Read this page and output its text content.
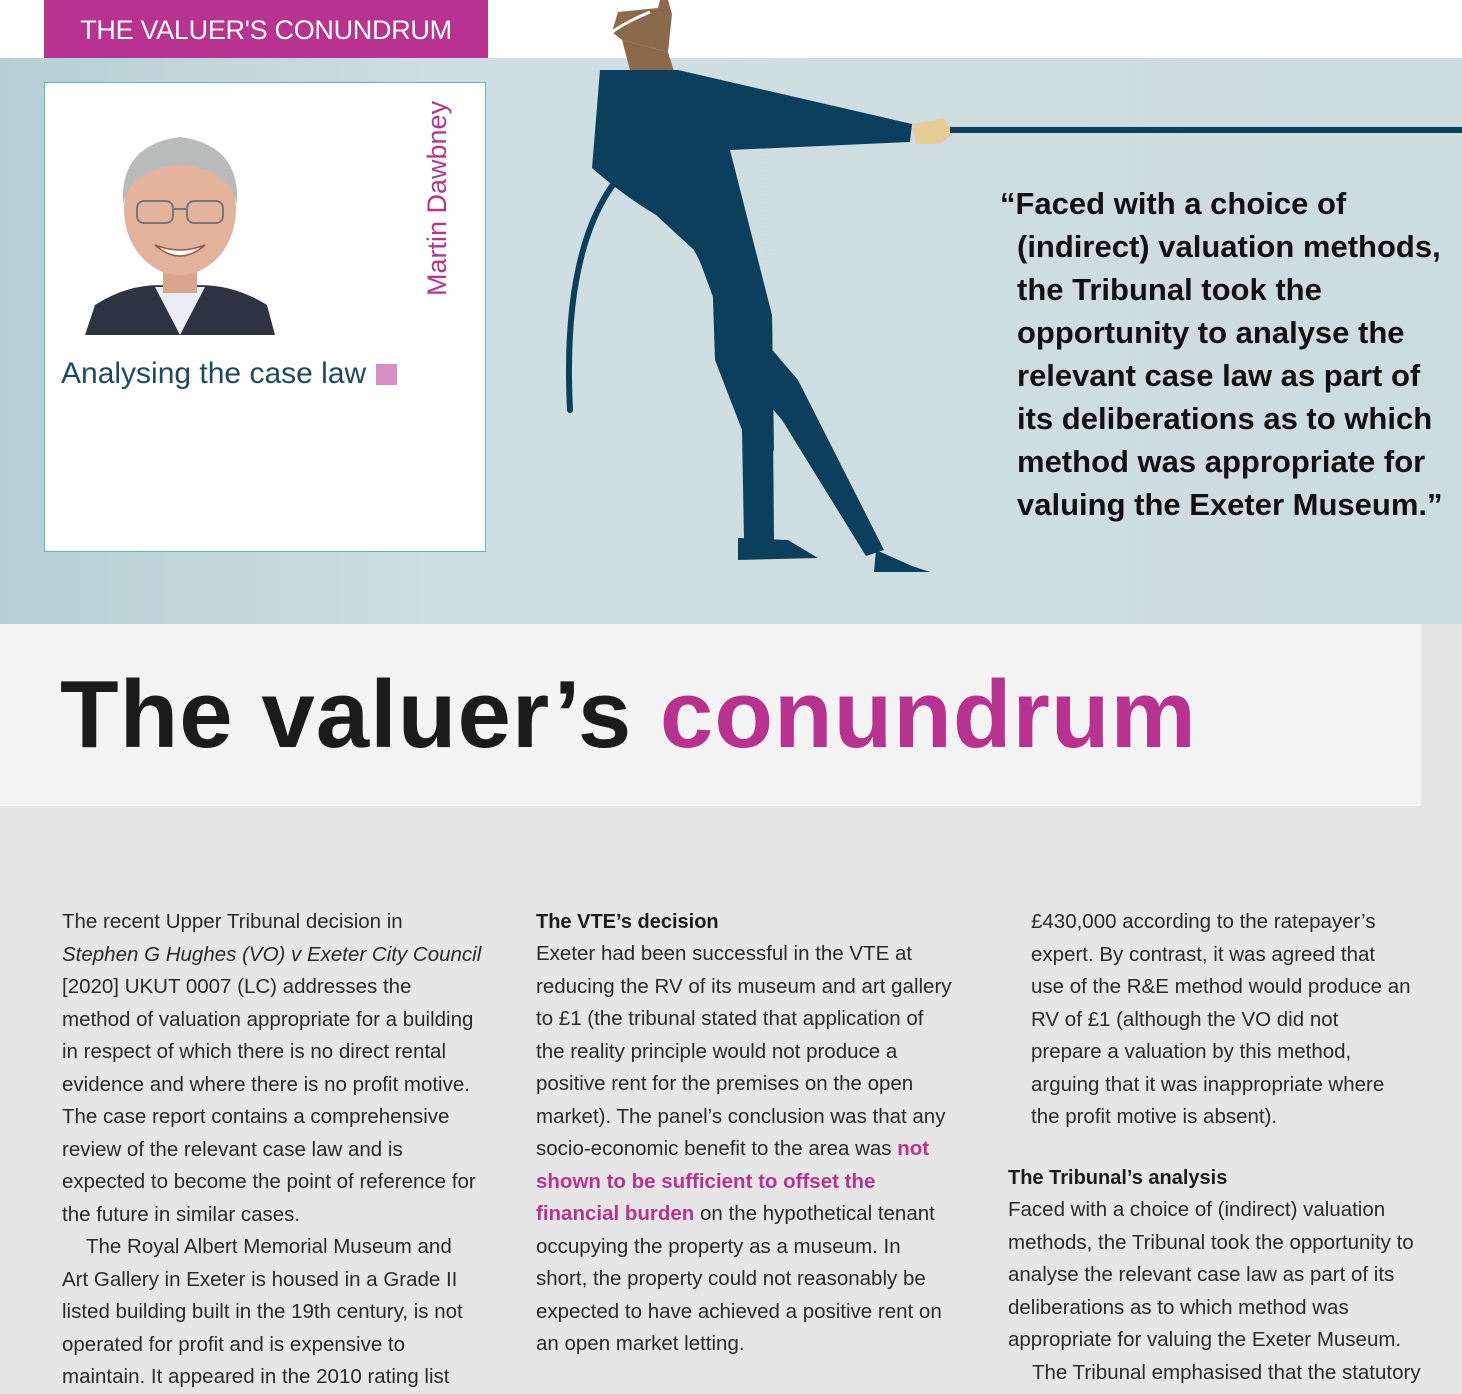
THE VALUER'S CONUNDRUM
Martin Dawbney
Analysing the case law
“Faced with a choice of (indirect) valuation methods, the Tribunal took the opportunity to analyse the relevant case law as part of its deliberations as to which method was appropriate for valuing the Exeter Museum.”
The valuer’s conundrum

The recent Upper Tribunal decision in Stephen G Hughes (VO) v Exeter City Council [2020] UKUT 0007 (LC) addresses the method of valuation appropriate for a building in respect of which there is no direct rental evidence and where there is no profit motive. The case report contains a comprehensive review of the relevant case law and is expected to become the point of reference for the future in similar cases.

The Royal Albert Memorial Museum and Art Gallery in Exeter is housed in a Grade II listed building built in the 19th century, is not operated for profit and is expensive to maintain. It appeared in the 2010 rating list

The VTE’s decision

Exeter had been successful in the VTE at reducing the RV of its museum and art gallery to £1 (the tribunal stated that application of the reality principle would not produce a positive rent for the premises on the open market). The panel’s conclusion was that any socio-economic benefit to the area was not shown to be sufficient to offset the financial burden on the hypothetical tenant occupying the property as a museum. In short, the property could not reasonably be expected to have achieved a positive rent on an open market letting.

£430,000 according to the ratepayer’s expert. By contrast, it was agreed that use of the R&E method would produce an RV of £1 (although the VO did not prepare a valuation by this method, arguing that it was inappropriate where the profit motive is absent).

The Tribunal’s analysis

Faced with a choice of (indirect) valuation methods, the Tribunal took the opportunity to analyse the relevant case law as part of its deliberations as to which method was appropriate for valuing the Exeter Museum.

The Tribunal emphasised that the statutory
